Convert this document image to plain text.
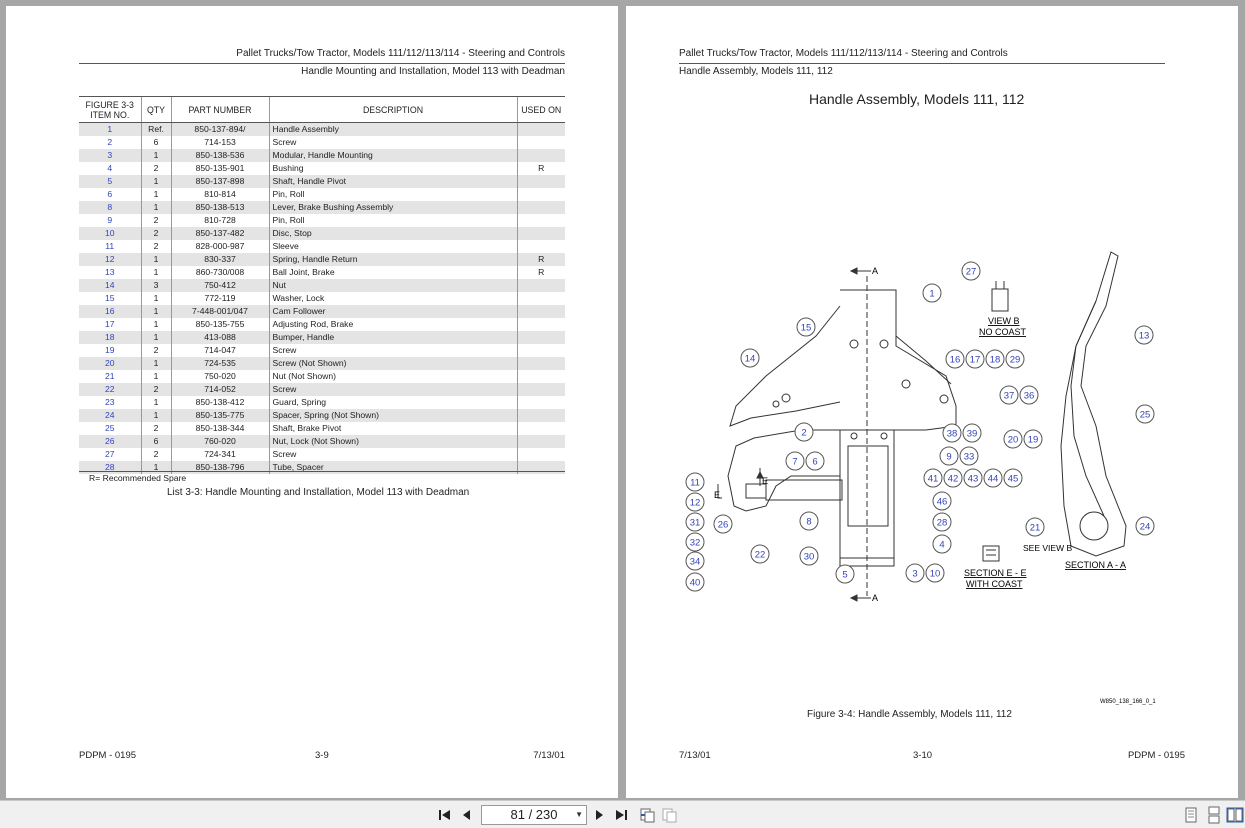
Pallet Trucks/Tow Tractor, Models 111/112/113/114 - Steering and Controls
Handle Mounting and Installation, Model 113 with Deadman
FIGURE 3-3 ITEM NO.	QTY	PART NUMBER	DESCRIPTION	USED ON
1	Ref.	850-137-894/	Handle Assembly	
2	6	714-153	Screw	
3	1	850-138-536	Modular, Handle Mounting	
4	2	850-135-901	Bushing	R
5	1	850-137-898	Shaft, Handle Pivot	
6	1	810-814	Pin, Roll	
8	1	850-138-513	Lever, Brake Bushing Assembly	
9	2	810-728	Pin, Roll	
10	2	850-137-482	Disc, Stop	
11	2	828-000-987	Sleeve	
12	1	830-337	Spring, Handle Return	R
13	1	860-730/008	Ball Joint, Brake	R
14	3	750-412	Nut	
15	1	772-119	Washer, Lock	
16	1	7-448-001/047	Cam Follower	
17	1	850-135-755	Adjusting Rod, Brake	
18	1	413-088	Bumper, Handle	
19	2	714-047	Screw	
20	1	724-535	Screw (Not Shown)	
21	1	750-020	Nut (Not Shown)	
22	2	714-052	Screw	
23	1	850-138-412	Guard, Spring	
24	1	850-135-775	Spacer, Spring (Not Shown)	
25	2	850-138-344	Shaft, Brake Pivot	
26	6	760-020	Nut, Lock (Not Shown)	
27	2	724-341	Screw	
28	1	850-138-796	Tube, Spacer	
R= Recommended Spare
List 3-3: Handle Mounting and Installation, Model 113 with Deadman
PDPM - 0195	3-9	7/13/01
Pallet Trucks/Tow Tractor, Models 111/112/113/114 - Steering and Controls
Handle Assembly, Models 111, 112
Handle Assembly, Models 111, 112
A
A
E
E
VIEW B
NO COAST
SECTION E - E
WITH COAST
SEE VIEW B
SECTION A - A
W850_138_166_0_1
1
2
3
4
5
6
7
8
9
10
11
12
13
14
15
16 17 18
19
20
21
22
24
25
26
27
28
29
30
31
32
33
34
36
37
38 39
40
41 42 43 44 45
46
Figure 3-4: Handle Assembly, Models 111, 112
7/13/01	3-10	PDPM - 0195
81 / 230 ▼
